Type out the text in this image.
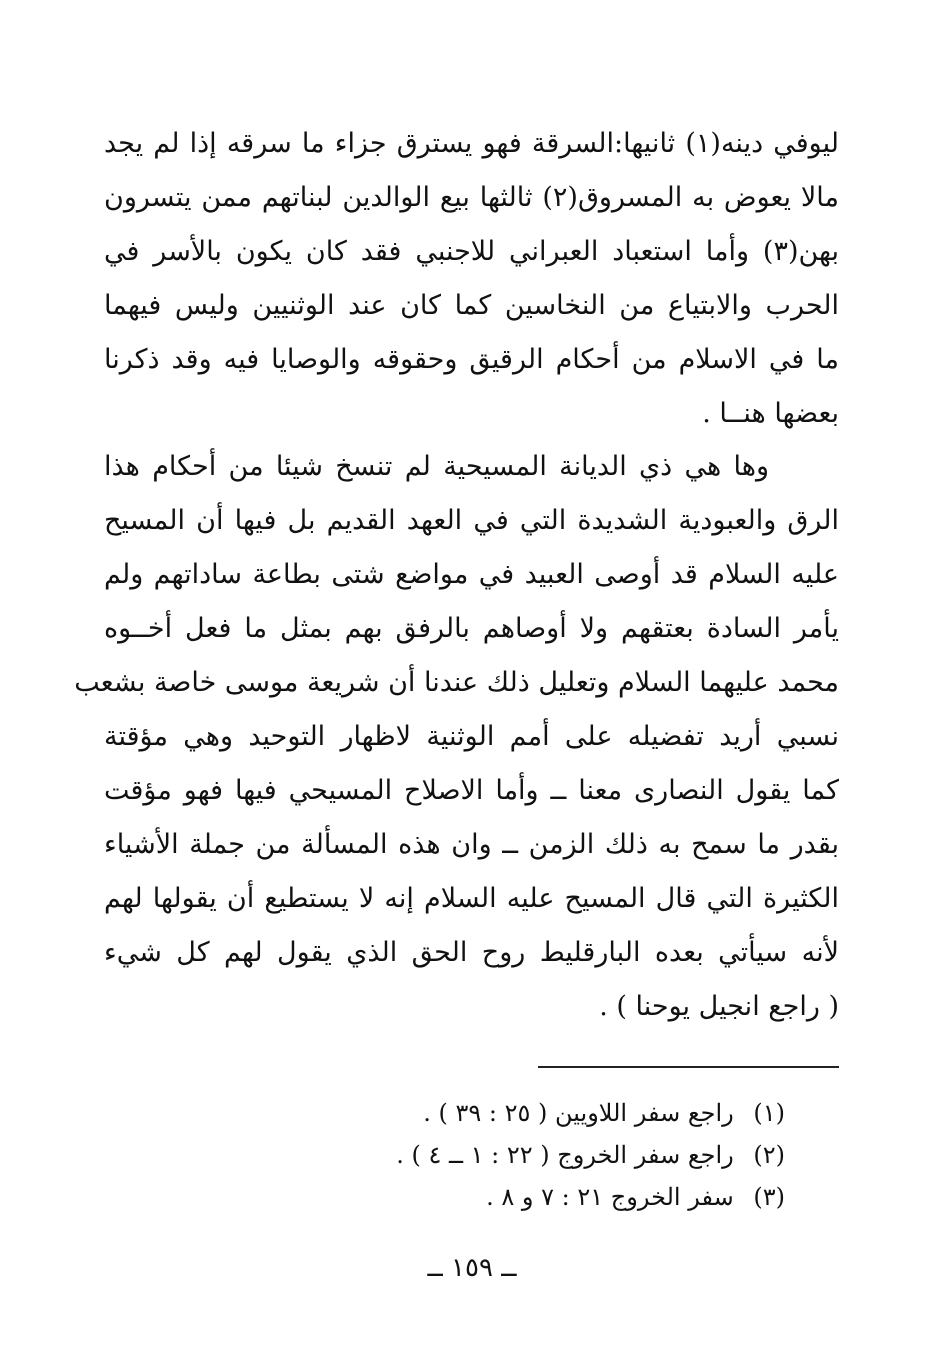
ليوفي دينه(١) ثانيها:السرقة فهو يسترق جزاء ما سرقه إذا لم يجد
مالا يعوض به المسروق(٢) ثالثها بيع الوالدين لبناتهم ممن يتسرون
بهن(٣) وأما استعباد العبراني للاجنبي فقد كان يكون بالأسر في
الحرب والابتياع من النخاسين كما كان عند الوثنيين وليس فيهما
ما في الاسلام من أحكام الرقيق وحقوقه والوصايا فيه وقد ذكرنا
بعضها هنــا .
وها هي ذي الديانة المسيحية لم تنسخ شيئا من أحكام هذا
الرق والعبودية الشديدة التي في العهد القديم بل فيها أن المسيح
عليه السلام قد أوصى العبيد في مواضع شتى بطاعة ساداتهم ولم
يأمر السادة بعتقهم ولا أوصاهم بالرفق بهم بمثل ما فعل أخــوه
محمد عليهما السلام وتعليل ذلك عندنا أن شريعة موسى خاصة بشعب
نسبي أريد تفضيله على أمم الوثنية لاظهار التوحيد وهي مؤقتة
كما يقول النصارى معنا ــ وأما الاصلاح المسيحي فيها فهو مؤقت
بقدر ما سمح به ذلك الزمن ــ وان هذه المسألة من جملة الأشياء
الكثيرة التي قال المسيح عليه السلام إنه لا يستطيع أن يقولها لهم
لأنه سيأتي بعده البارقليط روح الحق الذي يقول لهم كل شيء
( راجع انجيل يوحنا ) .
(١) راجع سفر اللاويين ( ٢٥ : ٣٩ ) .
(٢) راجع سفر الخروج ( ٢٢ : ١ ــ ٤ ) .
(٣) سفر الخروج ٢١ : ٧ و ٨ .
ــ ١٥٩ ــ
